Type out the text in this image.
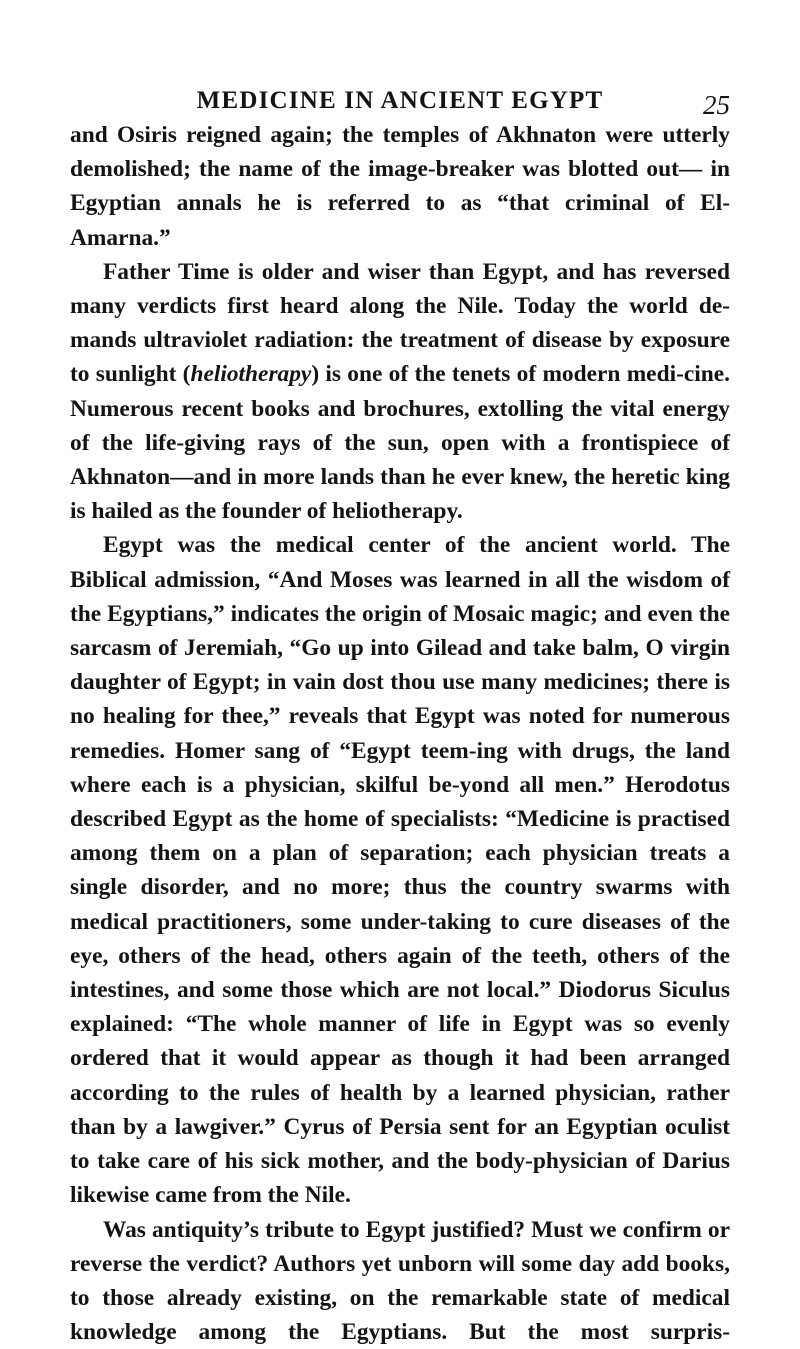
MEDICINE IN ANCIENT EGYPT	25

and Osiris reigned again; the temples of Akhnaton were utterly demolished; the name of the image-breaker was blotted out— in Egyptian annals he is referred to as “that criminal of El-Amarna.”

Father Time is older and wiser than Egypt, and has reversed many verdicts first heard along the Nile. Today the world de-mands ultraviolet radiation: the treatment of disease by exposure to sunlight (heliotherapy) is one of the tenets of modern medi-cine. Numerous recent books and brochures, extolling the vital energy of the life-giving rays of the sun, open with a frontispiece of Akhnaton—and in more lands than he ever knew, the heretic king is hailed as the founder of heliotherapy.

Egypt was the medical center of the ancient world. The Biblical admission, “And Moses was learned in all the wisdom of the Egyptians,” indicates the origin of Mosaic magic; and even the sarcasm of Jeremiah, “Go up into Gilead and take balm, O virgin daughter of Egypt; in vain dost thou use many medicines; there is no healing for thee,” reveals that Egypt was noted for numerous remedies. Homer sang of “Egypt teem-ing with drugs, the land where each is a physician, skilful be-yond all men.” Herodotus described Egypt as the home of specialists: “Medicine is practised among them on a plan of separation; each physician treats a single disorder, and no more; thus the country swarms with medical practitioners, some under-taking to cure diseases of the eye, others of the head, others again of the teeth, others of the intestines, and some those which are not local.” Diodorus Siculus explained: “The whole manner of life in Egypt was so evenly ordered that it would appear as though it had been arranged according to the rules of health by a learned physician, rather than by a lawgiver.” Cyrus of Persia sent for an Egyptian oculist to take care of his sick mother, and the body-physician of Darius likewise came from the Nile.

Was antiquity’s tribute to Egypt justified? Must we confirm or reverse the verdict? Authors yet unborn will some day add books, to those already existing, on the remarkable state of medical knowledge among the Egyptians. But the most surpris-
